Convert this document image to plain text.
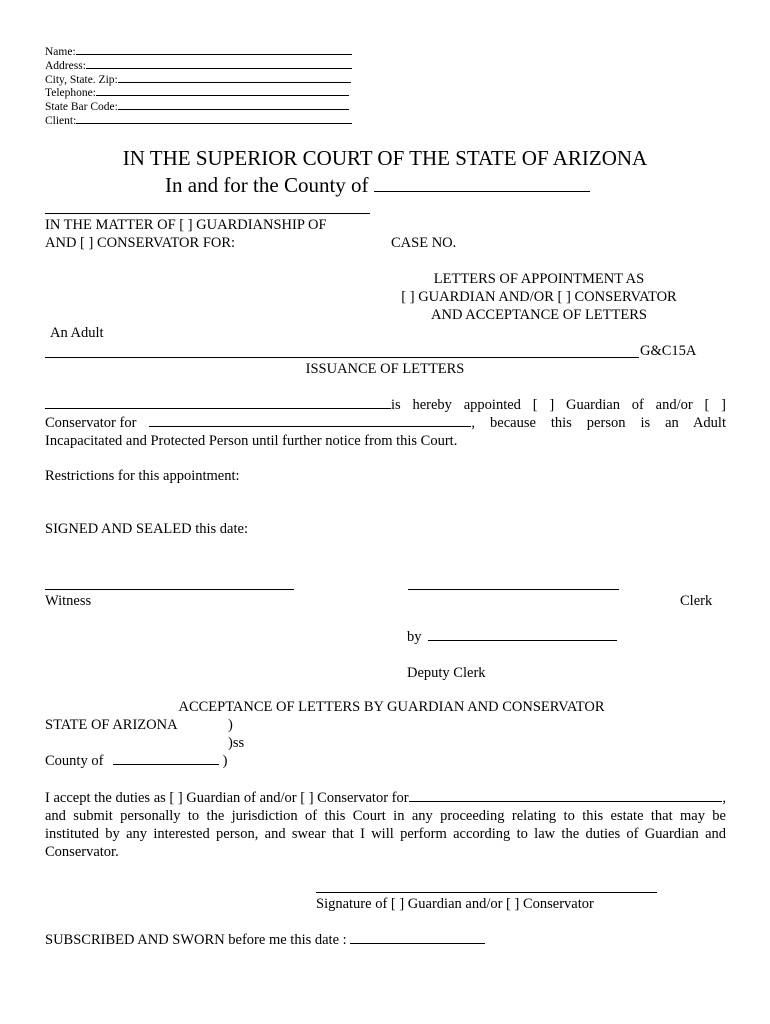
Name:
Address:
City, State. Zip:
Telephone:
State Bar Code:
Client:
IN THE SUPERIOR COURT OF THE STATE OF ARIZONA
In and for the County of
IN THE MATTER OF [ ] GUARDIANSHIP OF
AND [ ] CONSERVATOR FOR:	CASE NO.
LETTERS OF APPOINTMENT AS
[ ] GUARDIAN AND/OR [ ] CONSERVATOR
AND ACCEPTANCE OF LETTERS
An Adult
G&C15A
ISSUANCE OF LETTERS
is hereby appointed [ ] Guardian of and/or [ ]
Conservator for	, because this person is an Adult
Incapacitated and Protected Person until further notice from this Court.
Restrictions for this appointment:
SIGNED AND SEALED this date:
Witness	Clerk
by
Deputy Clerk
ACCEPTANCE OF LETTERS BY GUARDIAN AND CONSERVATOR
STATE OF ARIZONA	)
)ss
County of	)
I accept the duties as [ ] Guardian of and/or [ ] Conservator for	,
and submit personally to the jurisdiction of this Court in any proceeding relating to this estate that may be
instituted by any interested person, and swear that I will perform according to law the duties of Guardian and
Conservator.
Signature of [ ] Guardian and/or [ ] Conservator
SUBSCRIBED AND SWORN before me this date :
